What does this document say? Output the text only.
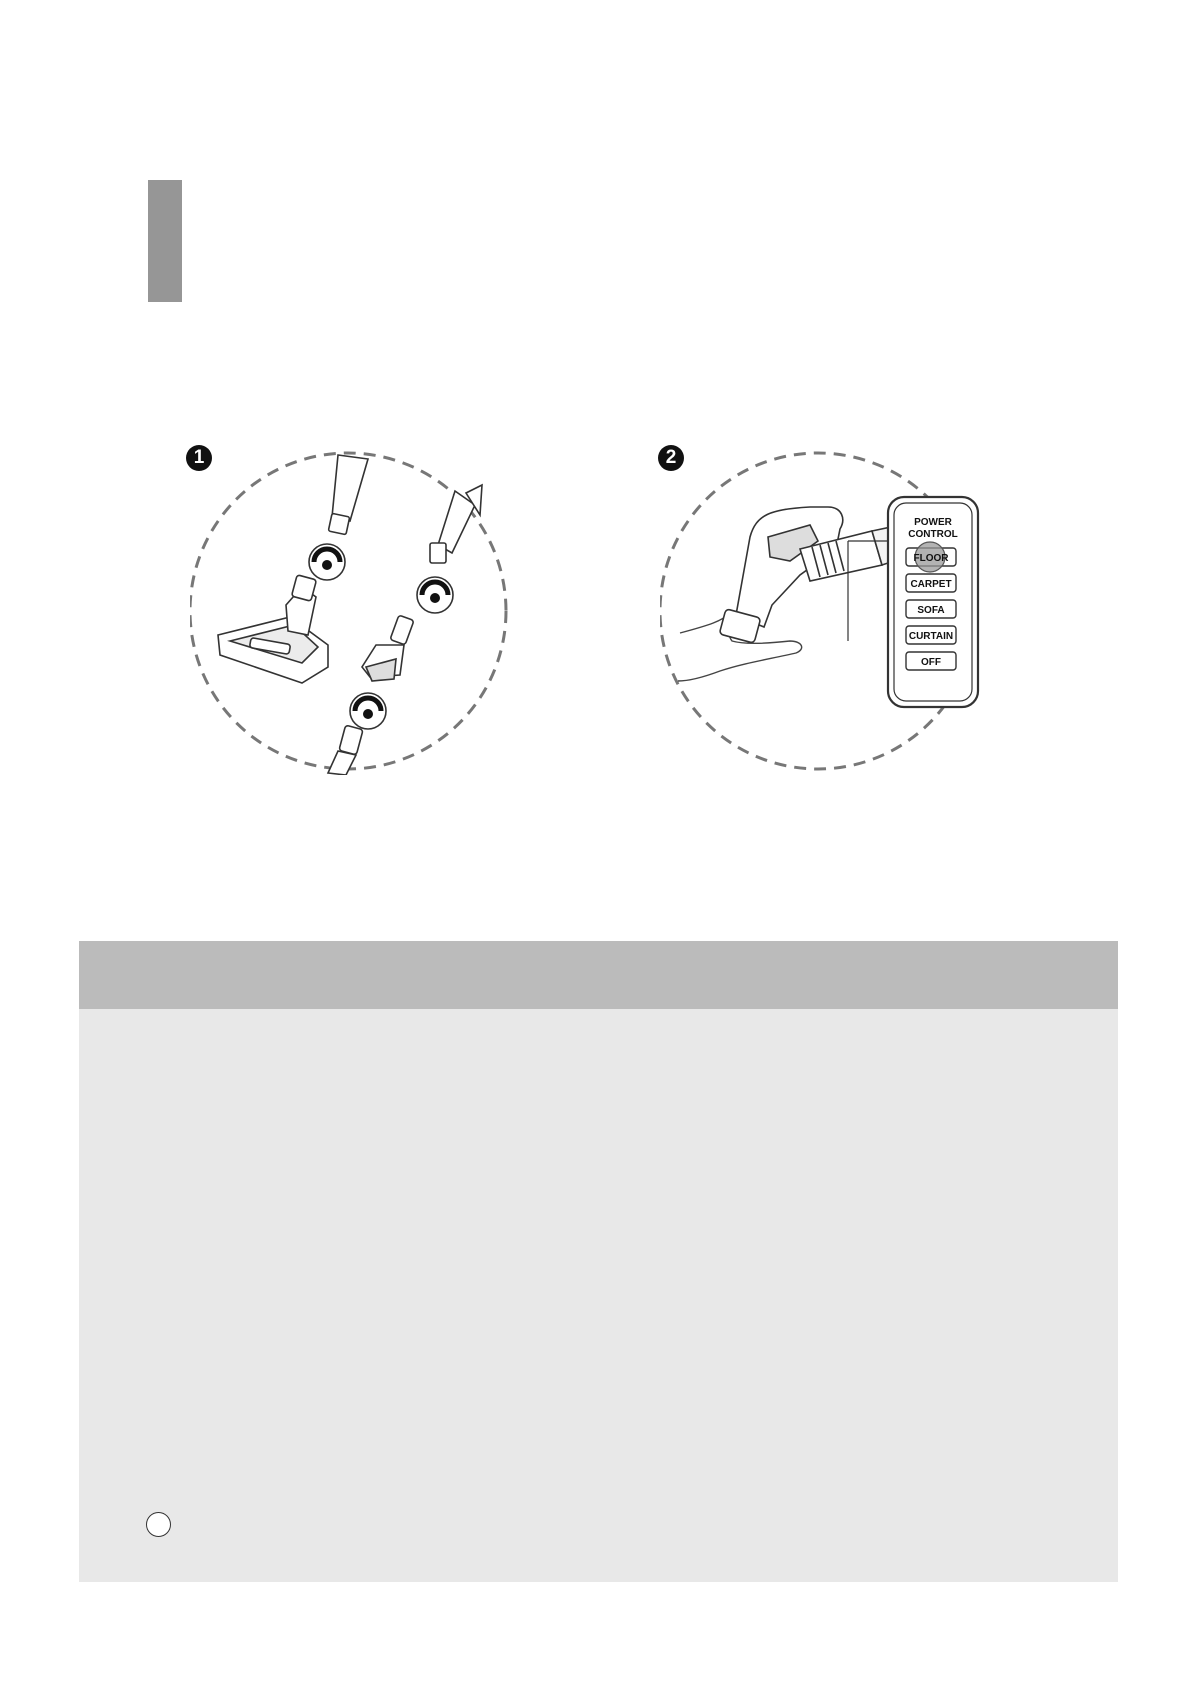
1	2
POWER
CONTROL
FLOOR
CARPET
SOFA
CURTAIN
OFF
